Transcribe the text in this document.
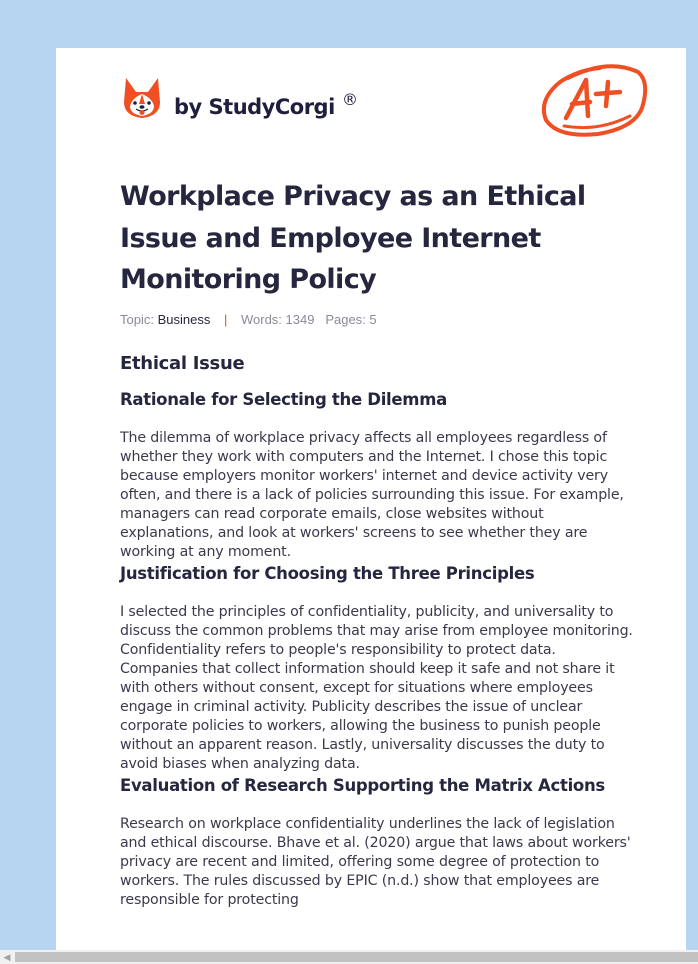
by StudyCorgi ®
Workplace Privacy as an Ethical Issue and Employee Internet Monitoring Policy
Topic: Business | Words: 1349 Pages: 5
Ethical Issue
Rationale for Selecting the Dilemma

The dilemma of workplace privacy affects all employees regardless of whether they work with computers and the Internet. I chose this topic because employers monitor workers' internet and device activity very often, and there is a lack of policies surrounding this issue. For example, managers can read corporate emails, close websites without explanations, and look at workers' screens to see whether they are working at any moment.

Justification for Choosing the Three Principles

I selected the principles of confidentiality, publicity, and universality to discuss the common problems that may arise from employee monitoring. Confidentiality refers to people's responsibility to protect data. Companies that collect information should keep it safe and not share it with others without consent, except for situations where employees engage in criminal activity. Publicity describes the issue of unclear corporate policies to workers, allowing the business to punish people without an apparent reason. Lastly, universality discusses the duty to avoid biases when analyzing data.

Evaluation of Research Supporting the Matrix Actions

Research on workplace confidentiality underlines the lack of legislation and ethical discourse. Bhave et al. (2020) argue that laws about workers' privacy are recent and limited, offering some degree of protection to workers. The rules discussed by EPIC (n.d.) show that employees are responsible for protecting

◀
